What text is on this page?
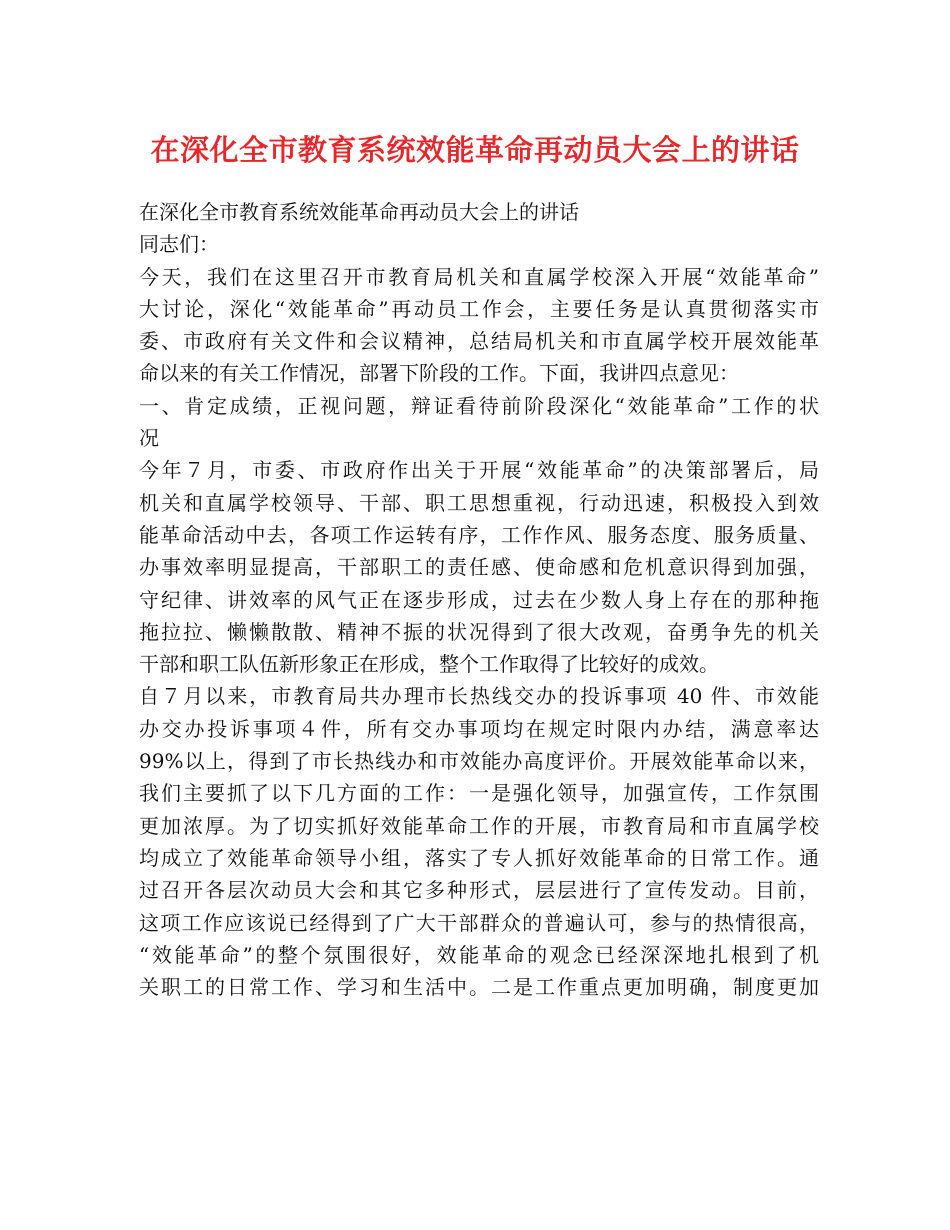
在深化全市教育系统效能革命再动员大会上的讲话
在深化全市教育系统效能革命再动员大会上的讲话
同志们：
今天，我们在这里召开市教育局机关和直属学校深入开展“效能革命”
大讨论，深化“效能革命”再动员工作会，主要任务是认真贯彻落实市
委、市政府有关文件和会议精神，总结局机关和市直属学校开展效能革
命以来的有关工作情况，部署下阶段的工作。下面，我讲四点意见：
一、肯定成绩，正视问题，辩证看待前阶段深化“效能革命”工作的状
况
今年７月，市委、市政府作出关于开展“效能革命”的决策部署后，局
机关和直属学校领导、干部、职工思想重视，行动迅速，积极投入到效
能革命活动中去，各项工作运转有序，工作作风、服务态度、服务质量、
办事效率明显提高，干部职工的责任感、使命感和危机意识得到加强，
守纪律、讲效率的风气正在逐步形成，过去在少数人身上存在的那种拖
拖拉拉、懒懒散散、精神不振的状况得到了很大改观，奋勇争先的机关
干部和职工队伍新形象正在形成，整个工作取得了比较好的成效。
自７月以来，市教育局共办理市长热线交办的投诉事项 40 件、市效能
办交办投诉事项４件，所有交办事项均在规定时限内办结，满意率达
99%以上，得到了市长热线办和市效能办高度评价。开展效能革命以来，
我们主要抓了以下几方面的工作：一是强化领导，加强宣传，工作氛围
更加浓厚。为了切实抓好效能革命工作的开展，市教育局和市直属学校
均成立了效能革命领导小组，落实了专人抓好效能革命的日常工作。通
过召开各层次动员大会和其它多种形式，层层进行了宣传发动。目前，
这项工作应该说已经得到了广大干部群众的普遍认可，参与的热情很高，
“效能革命”的整个氛围很好，效能革命的观念已经深深地扎根到了机
关职工的日常工作、学习和生活中。二是工作重点更加明确，制度更加
